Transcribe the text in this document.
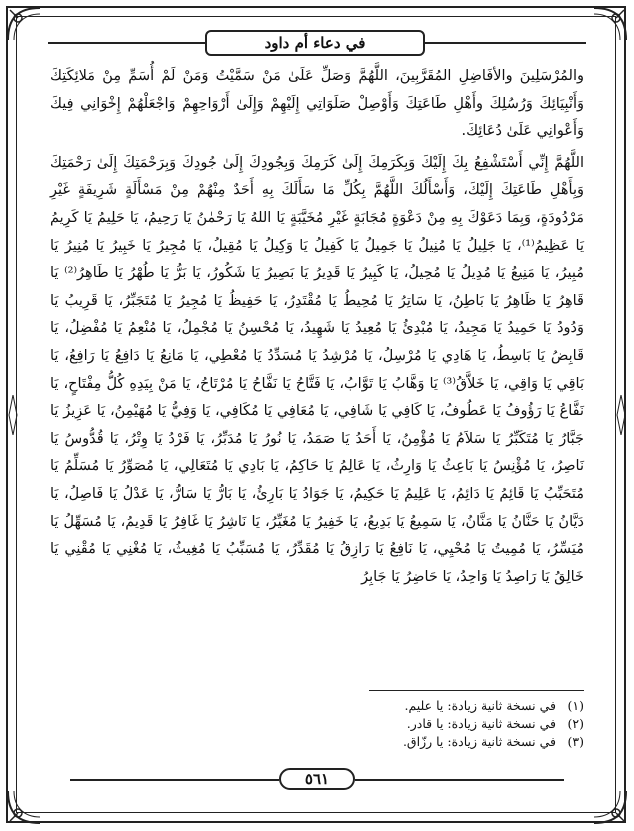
في دعاء أم داود

والمُرْسَلِينَ والأفَاضِلِ المُقَرَّبِينَ، اللَّهُمَّ وَصَلِّ عَلَىٰ مَنْ سَمَّيْتُ وَمَنْ لَمْ أُسَمِّ مِنْ مَلائِكَتِكَ وَأَنْبِيَائِكَ وَرُسُلِكَ وأَهْلِ طَاعَتِكَ وَأَوْصِلْ صَلَوَاتِي إِلَيْهِمْ وَإِلَىٰ أَرْوَاحِهِمْ وَاجْعَلْهُمْ إِخْوَانِي فِيكَ وَأَعْوانِي عَلَىٰ دُعَائِكَ.

اللَّهُمَّ إِنِّي أَسْتَشْفِعُ بِكَ إِلَيْكَ وَبِكَرَمِكَ إِلَىٰ كَرَمِكَ وَبِجُودِكَ إِلَىٰ جُودِكَ وَبِرَحْمَتِكَ إِلَىٰ رَحْمَتِكَ وَبِأَهْلِ طَاعَتِكَ إِلَيْكَ، وَأَسْأَلُكَ اللَّهُمَّ بِكُلِّ مَا سَأَلَكَ بِهِ أَحَدٌ مِنْهُمْ مِنْ مَسْأَلَةٍ شَرِيفَةٍ غَيْرِ مَرْدُودَةٍ، وَبِمَا دَعَوْكَ بِهِ مِنْ دَعْوَةٍ مُجَابَةٍ غَيْرِ مُخَيَّبَةٍ يَا اللهُ يَا رَحْمٰنُ يَا رَحِيمُ، يَا حَلِيمُ يَا كَرِيمُ يَا عَظِيمُ⁽¹⁾، يَا جَلِيلُ يَا مُنِيلُ يَا جَمِيلُ يَا كَفِيلُ يَا وَكِيلُ يَا مُقِيلُ، يَا مُجِيرُ يَا خَبِيرُ يَا مُنِيرُ يَا مُبِيرُ، يَا مَنِيعُ يَا مُدِيلُ يَا مُحِيلُ، يَا كَبِيرُ يَا قَدِيرُ يَا بَصِيرُ يَا شَكُورُ، يَا بَرُّ يَا طُهْرُ يَا طَاهِرُ⁽²⁾ يَا قَاهِرُ يَا ظَاهِرُ يَا بَاطِنُ، يَا سَاتِرُ يَا مُحِيطُ يَا مُقْتَدِرُ، يَا حَفِيظُ يَا مُجِيرُ يَا مُتَجَبِّرُ، يَا قَرِيبُ يَا وَدُودُ يَا حَمِيدُ يَا مَجِيدُ، يَا مُبْدِئُ يَا مُعِيدُ يَا شَهِيدُ، يَا مُحْسِنُ يَا مُجْمِلُ، يَا مُنْعِمُ يَا مُفْضِلُ، يَا قَابِضُ يَا بَاسِطُ، يَا هَادِي يَا مُرْسِلُ، يَا مُرْشِدُ يَا مُسَدِّدُ يَا مُعْطِي، يَا مَانِعُ يَا دَافِعُ يَا رَافِعُ، يَا بَاقِي يَا وَاقِي، يَا خَلاَّقُ⁽³⁾ يَا وَهَّابُ يَا تَوَّابُ، يَا فَتَّاحُ يَا نَفَّاحُ يَا مُرْتَاحُ، يَا مَنْ بِيَدِهِ كُلُّ مِفْتَاحٍ، يَا نَفَّاعُ يَا رَؤُوفُ يَا عَطُوفُ، يَا كَافِي يَا شَافِي، يَا مُعَافِي يَا مُكَافِي، يَا وَفِيُّ يَا مُهَيْمِنُ، يَا عَزِيزُ يَا جَبَّارُ يَا مُتَكَبِّرُ يَا سَلاَمُ يَا مُؤْمِنُ، يَا أَحَدُ يَا صَمَدُ، يَا نُورُ يَا مُدَبِّرُ، يَا فَرْدُ يَا وِتْرُ، يَا قُدُّوسُ يَا نَاصِرُ، يَا مُؤْنِسُ يَا بَاعِثُ يَا وَارِثُ، يَا عَالِمُ يَا حَاكِمُ، يَا بَادِي يَا مُتَعَالِي، يَا مُصَوِّرُ يَا مُسَلِّمُ يَا مُتَحَبِّبُ يَا قَائِمُ يَا دَائِمُ، يَا عَلِيمُ يَا حَكِيمُ، يَا جَوَادُ يَا بَارِئُ، يَا بَارُّ يَا سَارُّ، يَا عَدْلُ يَا فَاصِلُ، يَا دَيَّانُ يَا حَنَّانُ يَا مَنَّانُ، يَا سَمِيعُ يَا بَدِيعُ، يَا خَفِيرُ يَا مُغَيِّرُ، يَا نَاشِرُ يَا غَافِرُ يَا قَدِيمُ، يَا مُسَهِّلُ يَا مُيَسِّرُ، يَا مُمِيتُ يَا مُحْيِي، يَا نَافِعُ يَا رَازِقُ يَا مُقَدِّرُ، يَا مُسَبِّبُ يَا مُغِيثُ، يَا مُغْنِي يَا مُقْنِي يَا خَالِقُ يَا رَاصِدُ يَا وَاحِدُ، يَا حَاضِرُ يَا جَابِرُ

(١)
في نسخة ثانية زيادة: يا عليم.
(٢)
في نسخة ثانية زيادة: يا قادر.
(٣)
في نسخة ثانية زيادة: يا رزّاق.
٥٦١
